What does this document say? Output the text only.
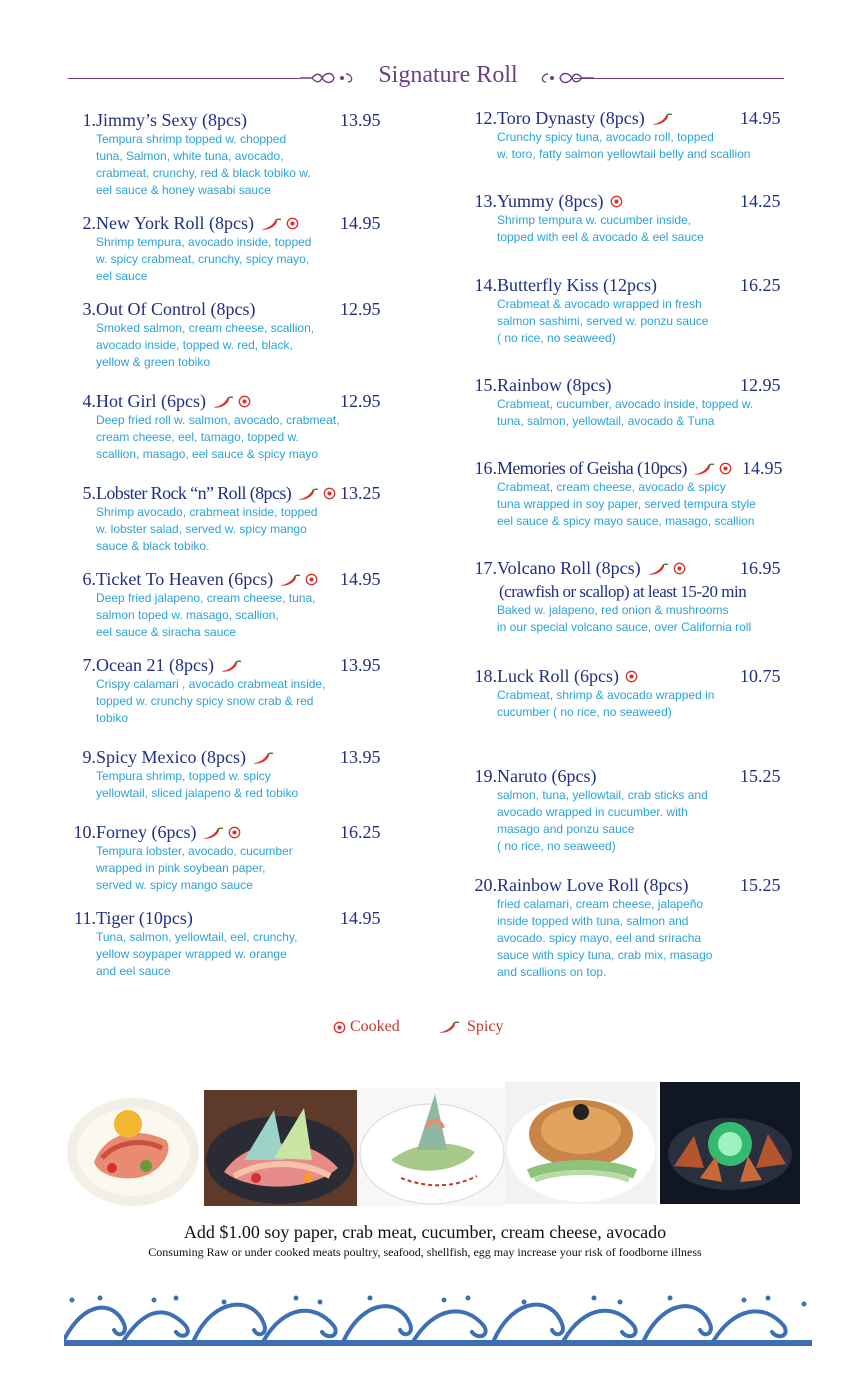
Signature Roll
1. Jimmy’s Sexy (8pcs)	13.95
Tempura shrimp topped w. chopped
tuna, Salmon, white tuna, avocado,
crabmeat, crunchy, red & black tobiko w.
eel sauce & honey wasabi sauce
2. New York Roll (8pcs)	14.95
Shrimp tempura, avocado inside, topped
w. spicy crabmeat, crunchy, spicy mayo,
eel sauce
3. Out Of Control (8pcs)	12.95
Smoked salmon, cream cheese, scallion,
avocado inside, topped w. red, black,
yellow & green tobiko
4. Hot Girl (6pcs)	12.95
Deep fried roll w. salmon, avocado, crabmeat,
cream cheese, eel, tamago, topped w.
scallion, masago, eel sauce & spicy mayo
5. Lobster Rock “n” Roll (8pcs)	13.25
Shrimp avocado, crabmeat inside, topped
w. lobster salad, served w. spicy mango
sauce & black tobiko.
6. Ticket To Heaven (6pcs)	14.95
Deep fried jalapeno, cream cheese, tuna,
salmon toped w. masago, scallion,
eel sauce & siracha sauce
7. Ocean 21 (8pcs)	13.95
Crispy calamari , avocado crabmeat inside,
topped w. crunchy spicy snow crab & red
tobiko
9. Spicy Mexico (8pcs)	13.95
Tempura shrimp, topped w. spicy
yellowtail, sliced jalapeno & red tobiko
10. Forney (6pcs)	16.25
Tempura lobster, avocado, cucumber
wrapped in pink soybean paper,
served w. spicy mango sauce
11. Tiger (10pcs)	14.95
Tuna, salmon, yellowtail, eel, crunchy,
yellow soypaper wrapped w. orange
and eel sauce
12. Toro Dynasty (8pcs)	14.95
Crunchy spicy tuna, avocado roll, topped
w. toro, fatty salmon yellowtail belly and scallion
13. Yummy (8pcs)	14.25
Shrimp tempura w. cucumber inside,
topped with eel & avocado & eel sauce
14. Butterfly Kiss (12pcs)	16.25
Crabmeat & avocado wrapped in fresh
salmon sashimi, served w. ponzu sauce
( no rice, no seaweed)
15. Rainbow (8pcs)	12.95
Crabmeat, cucumber, avocado inside, topped w.
tuna, salmon, yellowtail, avocado & Tuna
16. Memories of Geisha (10pcs)	14.95
Crabmeat, cream cheese, avocado & spicy
tuna wrapped in soy paper, served tempura style
eel sauce & spicy mayo sauce, masago, scallion
17. Volcano Roll (8pcs)	16.95
(crawfish or scallop) at least 15-20 min
Baked w. jalapeno, red onion & mushrooms
in our special volcano sauce, over California roll
18. Luck Roll (6pcs)	10.75
Crabmeat, shrimp & avocado wrapped in
cucumber ( no rice, no seaweed)
19. Naruto (6pcs)	15.25
salmon, tuna, yellowtail, crab sticks and
avocado wrapped in cucumber. with
masago and ponzu sauce
( no rice, no seaweed)
20. Rainbow Love Roll (8pcs)	15.25
fried calamari, cream cheese, jalapeño
inside topped with tuna, salmon and
avocado. spicy mayo, eel and sriracha
sauce with spicy tuna, crab mix, masago
and scallions on top.
Cooked	Spicy
Add $1.00 soy paper, crab meat, cucumber, cream cheese, avocado
Consuming Raw or under cooked meats poultry, seafood, shellfish, egg may increase your risk of foodborne illness
